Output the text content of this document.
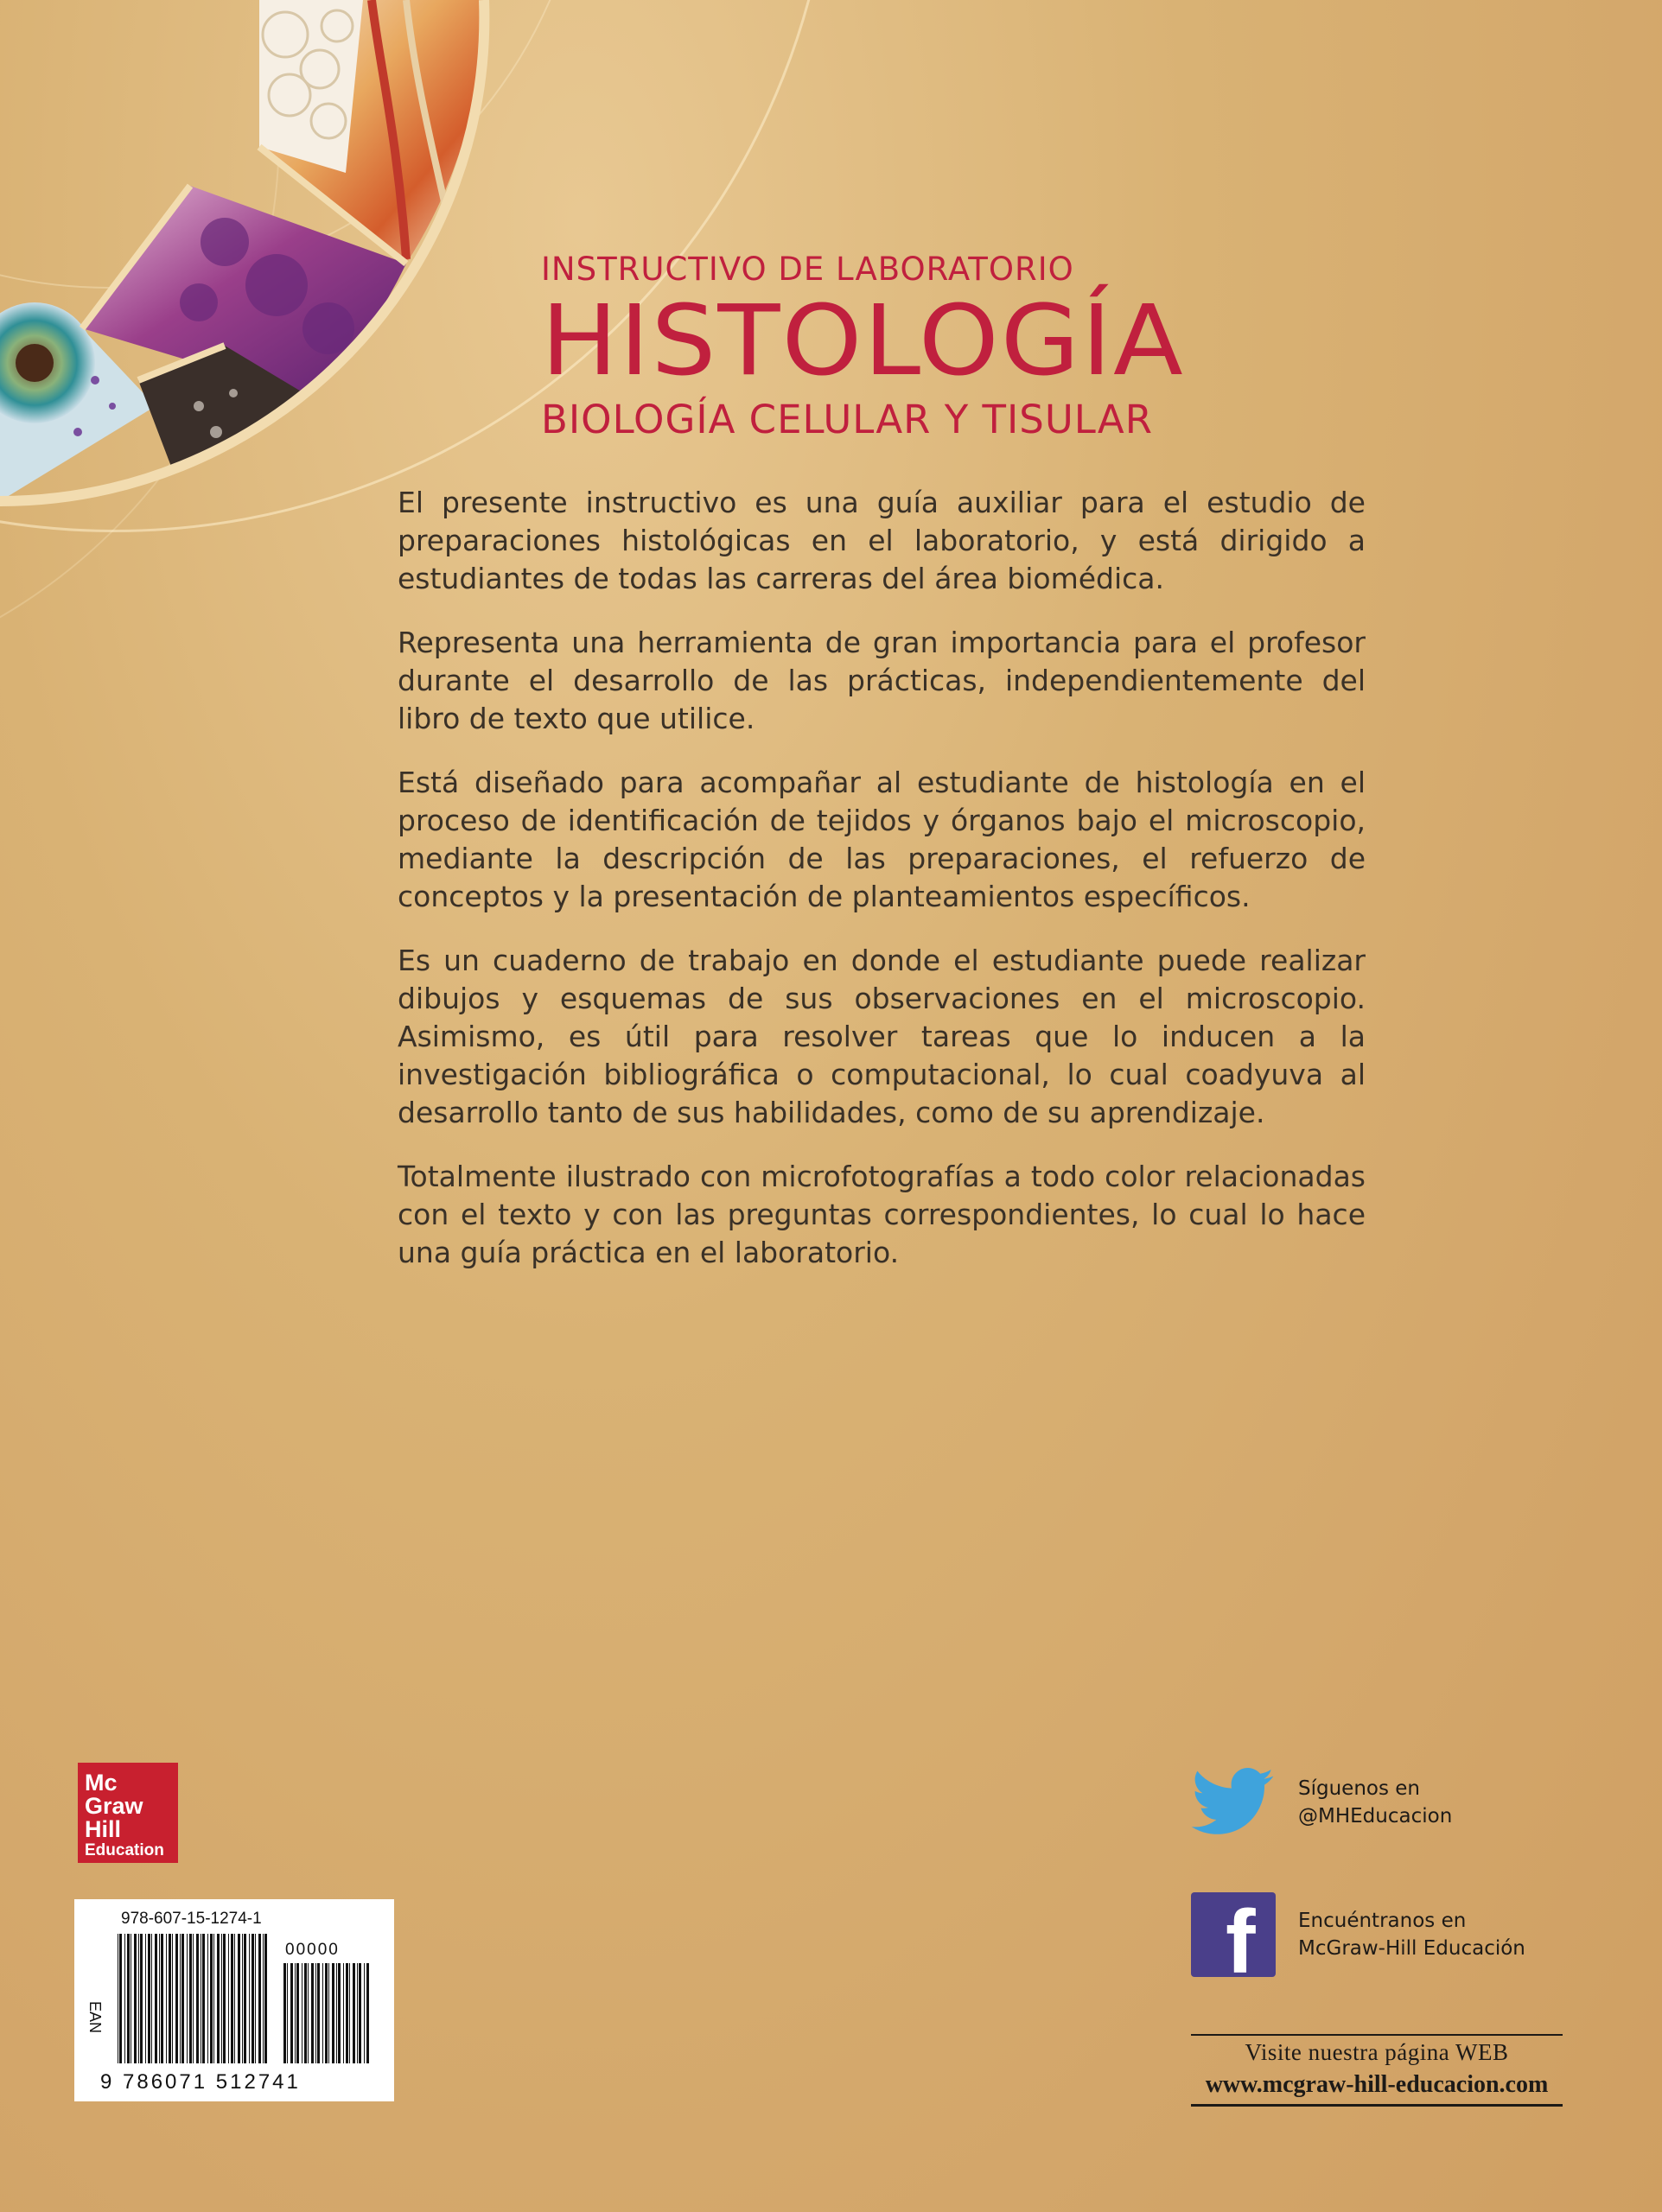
INSTRUCTIVO DE LABORATORIO

HISTOLOGÍA

BIOLOGÍA CELULAR Y TISULAR

El presente instructivo es una guía auxiliar para el estudio de preparaciones histológicas en el laboratorio, y está dirigido a estudiantes de todas las carreras del área biomédica.

Representa una herramienta de gran importancia para el profesor durante el desarrollo de las prácticas, independientemente del libro de texto que utilice.

Está diseñado para acompañar al estudiante de histología en el proceso de identificación de tejidos y órganos bajo el microscopio, mediante la descripción de las preparaciones, el refuerzo de conceptos y la presentación de planteamientos específicos.

Es un cuaderno de trabajo en donde el estudiante puede realizar dibujos y esquemas de sus observaciones en el microscopio. Asimismo, es útil para resolver tareas que lo inducen a la investigación bibliográfica o computacional, lo cual coadyuva al desarrollo tanto de sus habilidades, como de su aprendizaje.

Totalmente ilustrado con microfotografías a todo color relacionadas con el texto y con las preguntas correspondientes, lo cual lo hace una guía práctica en el laboratorio.

Mc
Graw
Hill
Education
978-607-15-1274-1
EAN
00000
9 786071 512741
Síguenos en
@MHEducacion
f Encuéntranos en
McGraw-Hill Educación
Visite nuestra página WEB
www.mcgraw-hill-educacion.com
